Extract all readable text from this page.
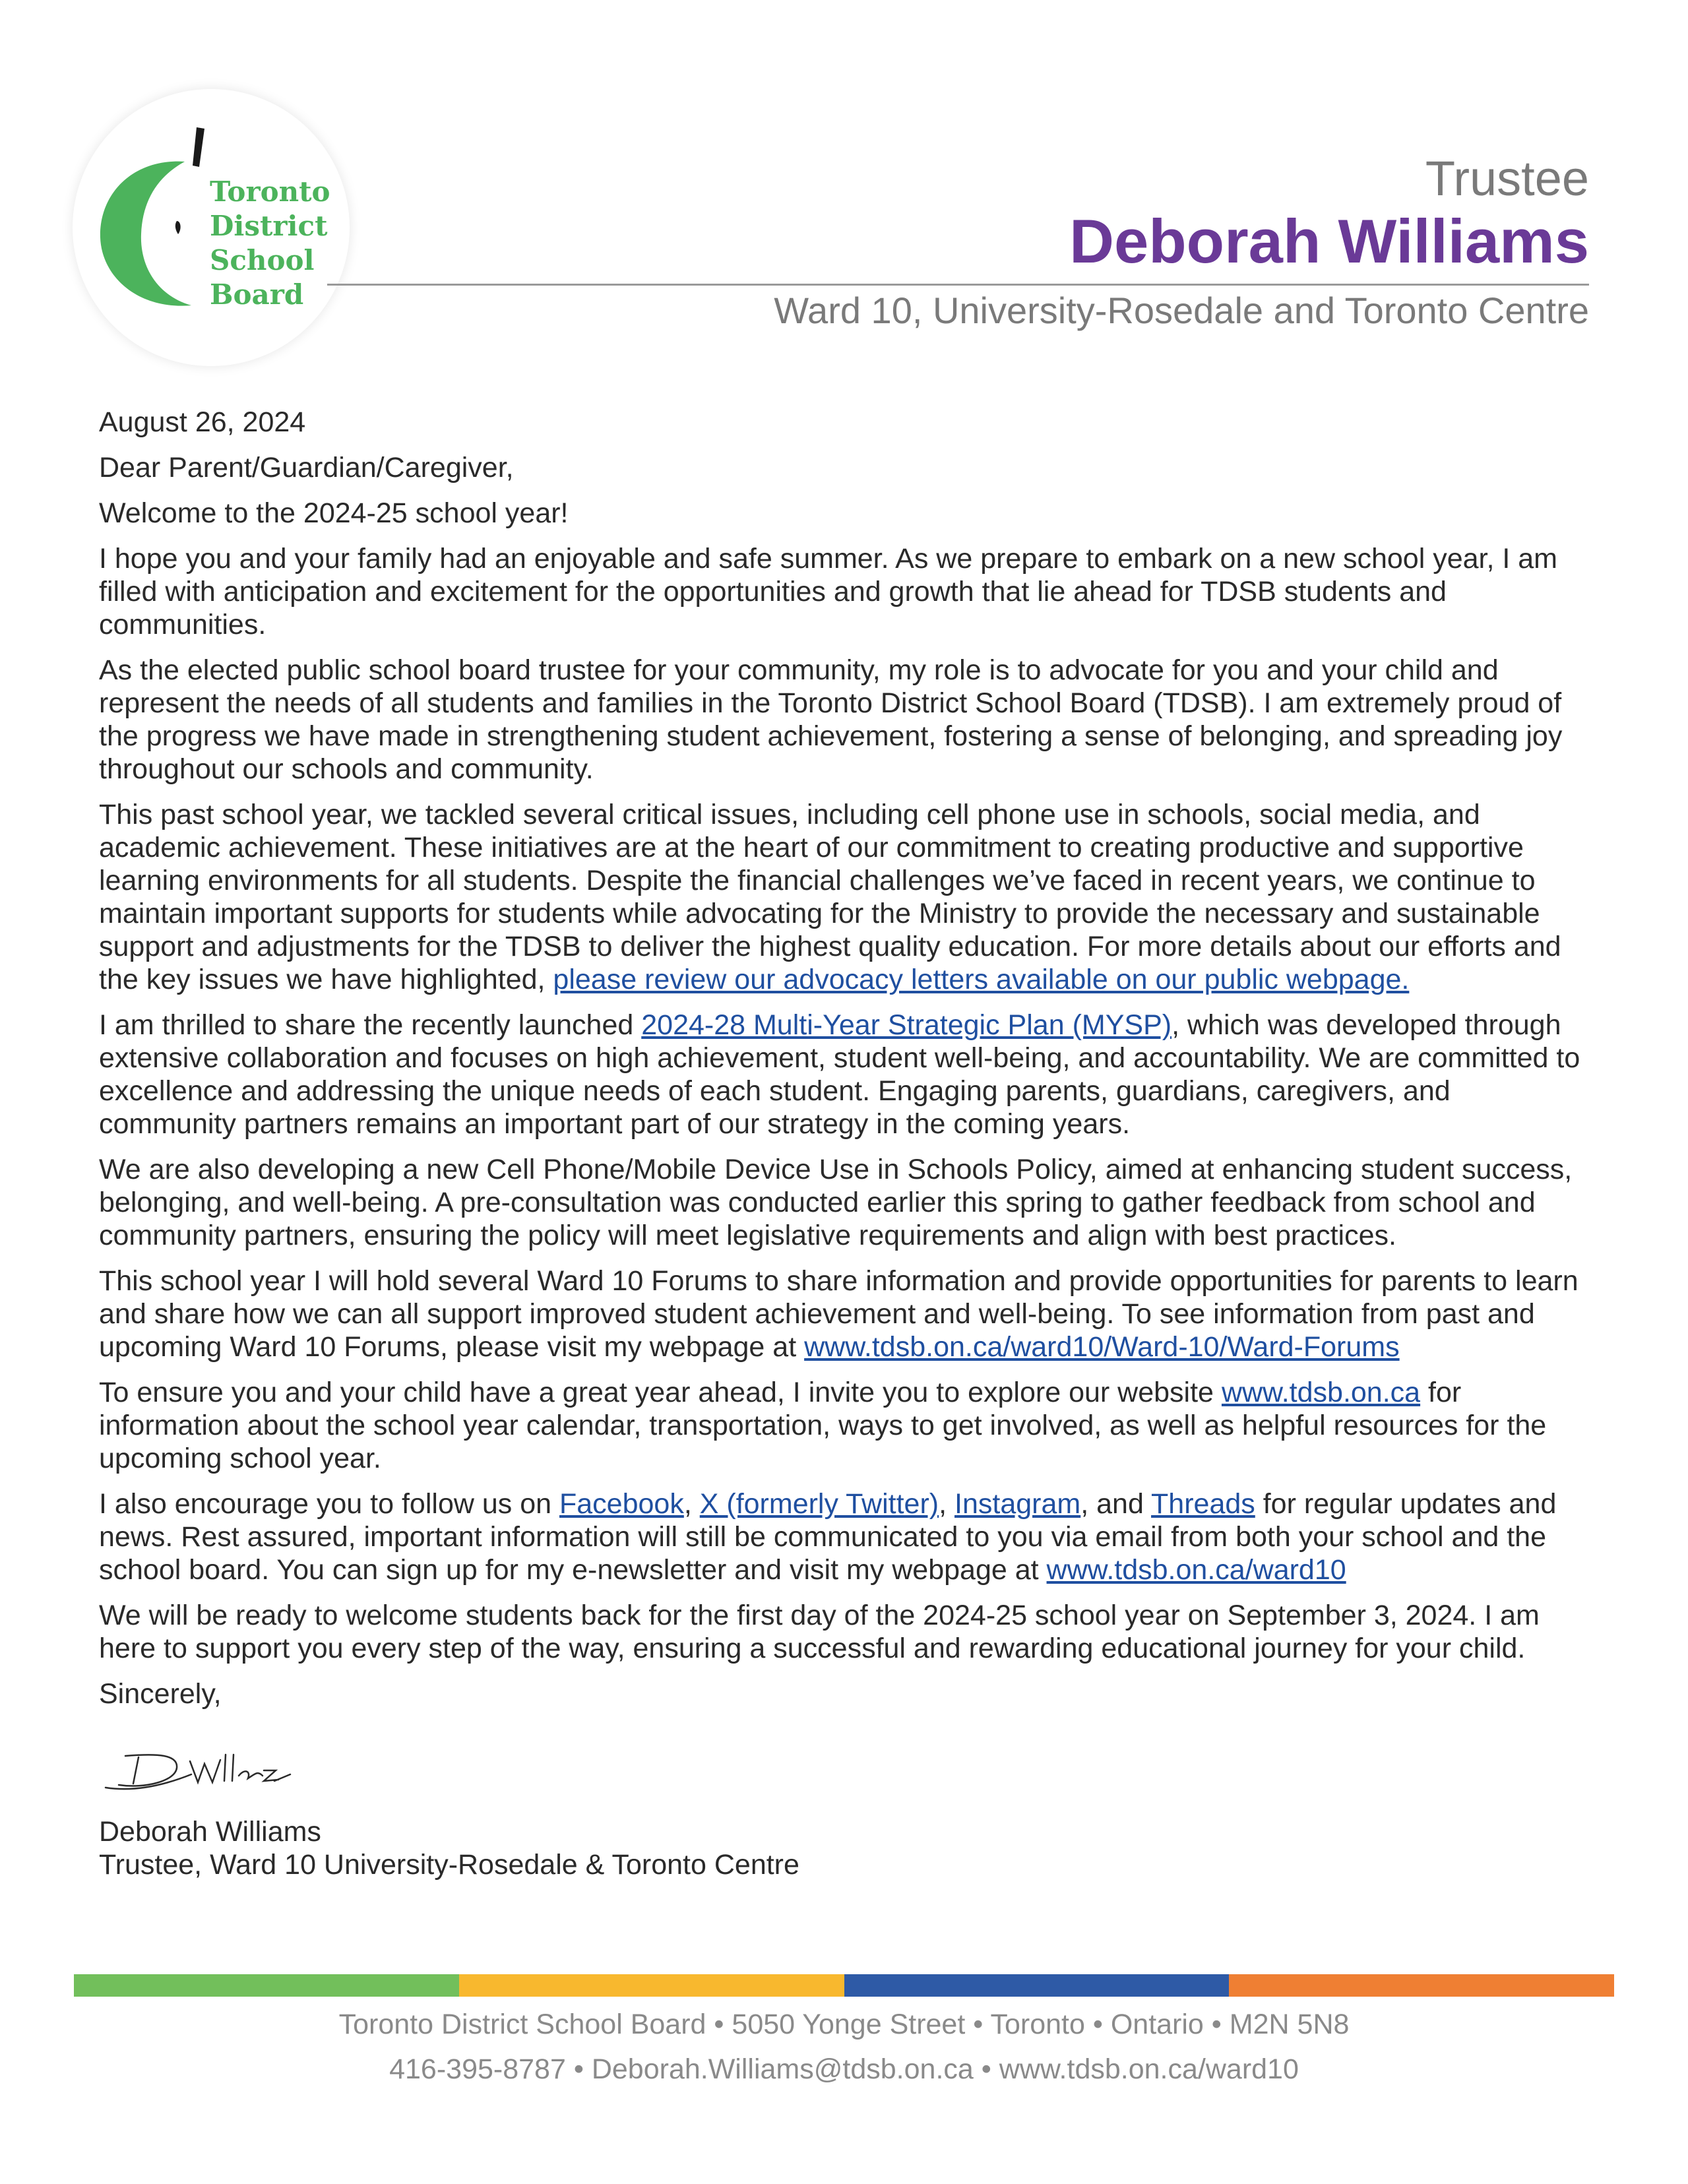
Toronto
District
School
Board
Trustee
Deborah Williams
Ward 10, University-Rosedale and Toronto Centre

August 26, 2024

Dear Parent/Guardian/Caregiver,

Welcome to the 2024-25 school year!

I hope you and your family had an enjoyable and safe summer. As we prepare to embark on a new school year, I am filled with anticipation and excitement for the opportunities and growth that lie ahead for TDSB students and communities.

As the elected public school board trustee for your community, my role is to advocate for you and your child and represent the needs of all students and families in the Toronto District School Board (TDSB). I am extremely proud of the progress we have made in strengthening student achievement, fostering a sense of belonging, and spreading joy throughout our schools and community.

This past school year, we tackled several critical issues, including cell phone use in schools, social media, and academic achievement. These initiatives are at the heart of our commitment to creating productive and supportive learning environments for all students. Despite the financial challenges we’ve faced in recent years, we continue to maintain important supports for students while advocating for the Ministry to provide the necessary and sustainable support and adjustments for the TDSB to deliver the highest quality education. For more details about our efforts and the key issues we have highlighted, please review our advocacy letters available on our public webpage.

I am thrilled to share the recently launched 2024-28 Multi-Year Strategic Plan (MYSP), which was developed through extensive collaboration and focuses on high achievement, student well-being, and accountability. We are committed to excellence and addressing the unique needs of each student. Engaging parents, guardians, caregivers, and community partners remains an important part of our strategy in the coming years.

We are also developing a new Cell Phone/Mobile Device Use in Schools Policy, aimed at enhancing student success, belonging, and well-being. A pre-consultation was conducted earlier this spring to gather feedback from school and community partners, ensuring the policy will meet legislative requirements and align with best practices.

This school year I will hold several Ward 10 Forums to share information and provide opportunities for parents to learn and share how we can all support improved student achievement and well-being. To see information from past and upcoming Ward 10 Forums, please visit my webpage at www.tdsb.on.ca/ward10/Ward-10/Ward-Forums

To ensure you and your child have a great year ahead, I invite you to explore our website www.tdsb.on.ca for information about the school year calendar, transportation, ways to get involved, as well as helpful resources for the upcoming school year.

I also encourage you to follow us on Facebook, X (formerly Twitter), Instagram, and Threads for regular updates and news. Rest assured, important information will still be communicated to you via email from both your school and the school board. You can sign up for my e-newsletter and visit my webpage at www.tdsb.on.ca/ward10

We will be ready to welcome students back for the first day of the 2024-25 school year on September 3, 2024. I am here to support you every step of the way, ensuring a successful and rewarding educational journey for your child.

Sincerely,

Deborah Williams
Trustee, Ward 10 University-Rosedale & Toronto Centre
Toronto District School Board • 5050 Yonge Street • Toronto • Ontario • M2N 5N8
416-395-8787 • Deborah.Williams@tdsb.on.ca • www.tdsb.on.ca/ward10
